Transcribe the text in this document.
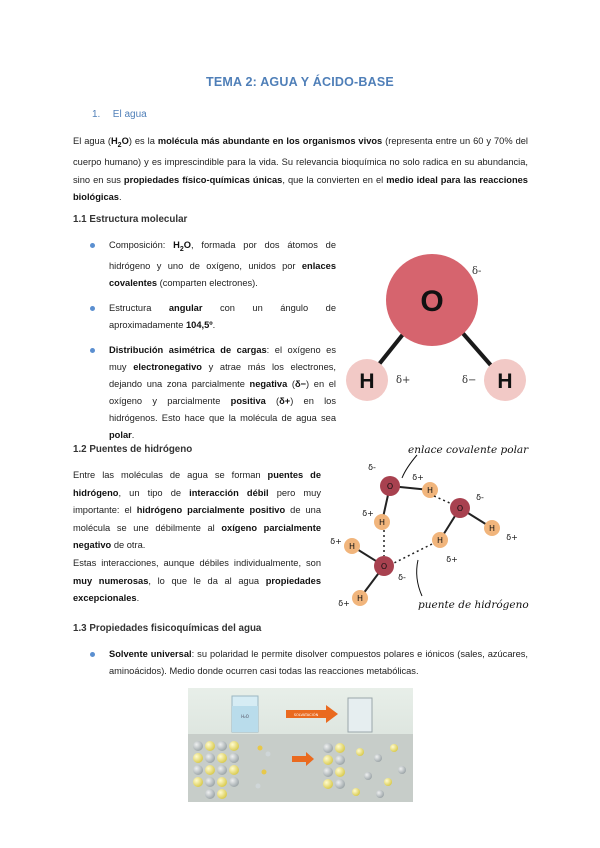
TEMA 2: AGUA Y ÁCIDO-BASE
1. El agua

El agua $(H_2O)$ es la molécula más abundante en los organismos vivos (representa entre un 60 y 70% del cuerpo humano) y es imprescindible para la vida. Su relevancia bioquímica no solo radica en su abundancia, sino en sus propiedades físico-químicas únicas, que la convierten en el medio ideal para las reacciones biológicas.

1.1 Estructura molecular
Composición: $H_2O$, formada por dos átomos de hidrógeno y uno de oxígeno, unidos por enlaces covalentes (comparten electrones).
Estructura angular con un ángulo de aproximadamente 104,5º.
Distribución asimétrica de cargas: el oxígeno es muy electronegativo y atrae más los electrones, dejando una zona parcialmente negativa (δ−) en el oxígeno y parcialmente positiva (δ+) en los hidrógenos. Esto hace que la molécula de agua sea polar.
O
H	H
δ-
δ+	δ−
1.2 Puentes de hidrógeno

Entre las moléculas de agua se forman puentes de hidrógeno, un tipo de interacción débil pero muy importante: el hidrógeno parcialmente positivo de una molécula se une débilmente al oxígeno parcialmente negativo de otra.

Estas interacciones, aunque débiles individualmente, son muy numerosas, lo que le da al agua propiedades excepcionales.

O	H
H
O
H
H
O
H
H
δ-
δ+
δ+
δ-
δ+
δ+
δ+
δ-
δ+
enlace covalente polar
puente de hidrógeno
1.3 Propiedades fisicoquímicas del agua
Solvente universal: su polaridad le permite disolver compuestos polares e iónicos (sales, azúcares, aminoácidos). Medio donde ocurren casi todas las reacciones metabólicas.
H₂O	SOLVATACIÓN
